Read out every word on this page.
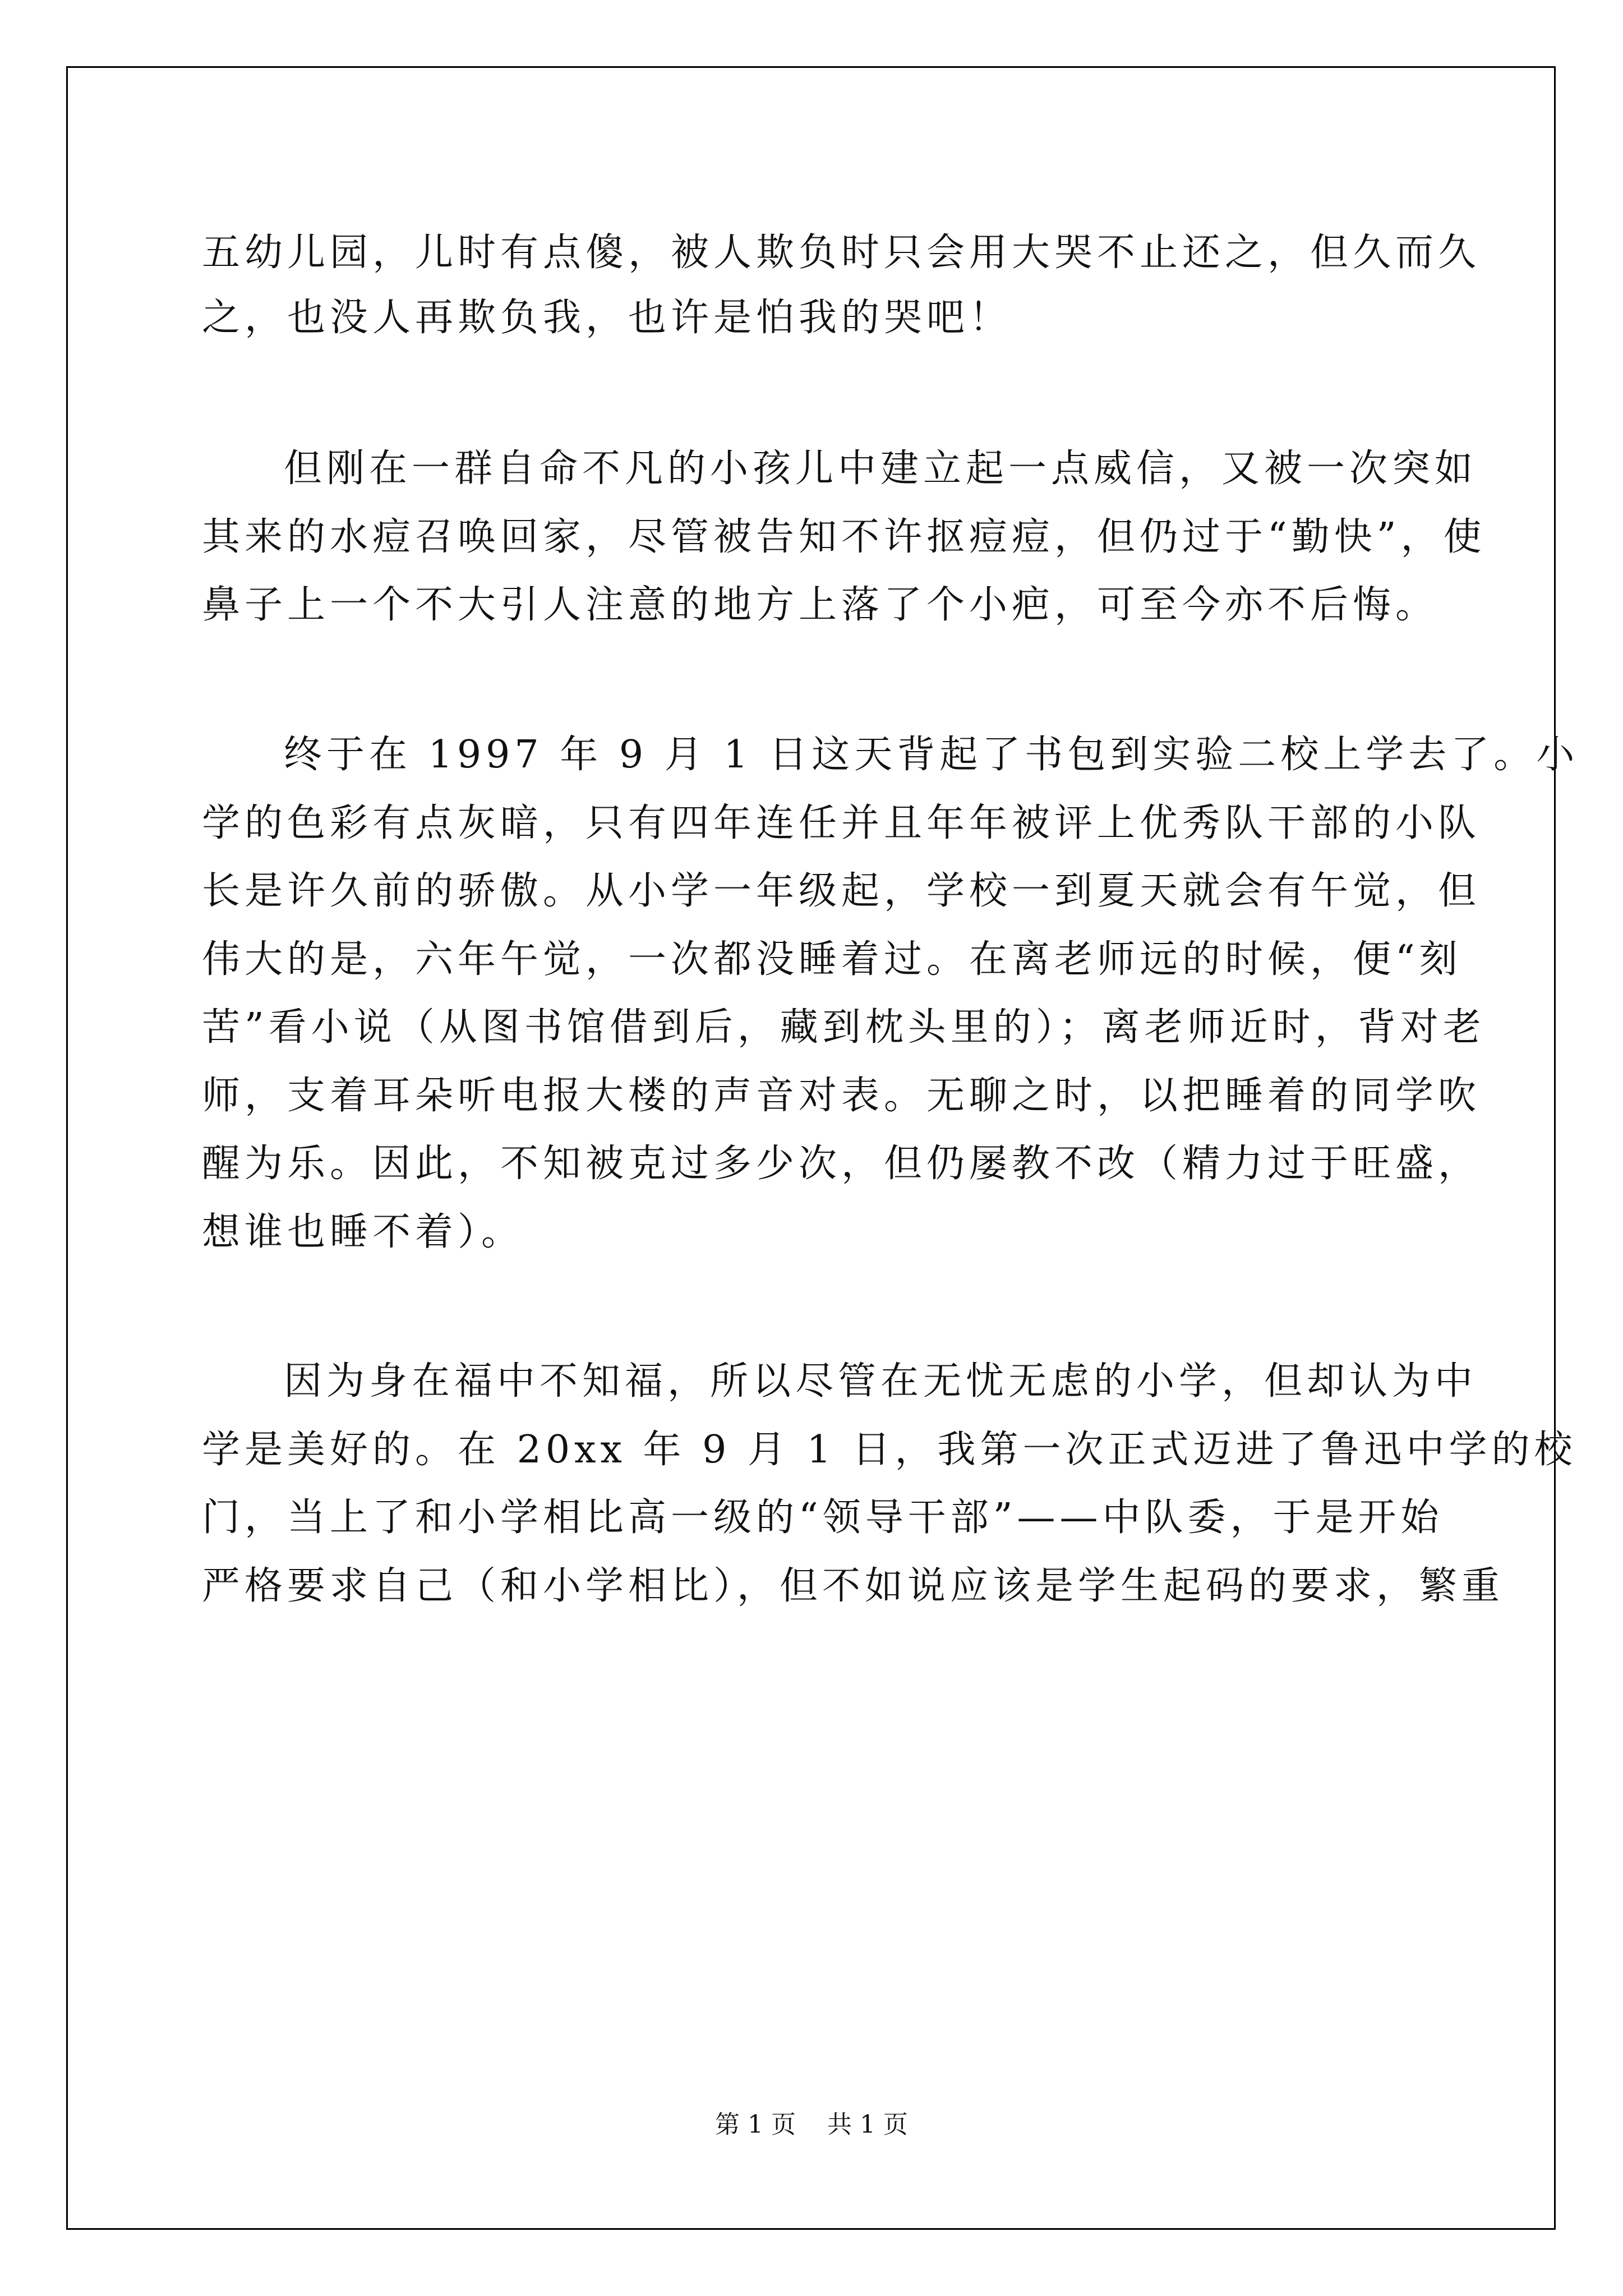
五幼儿园，儿时有点傻，被人欺负时只会用大哭不止还之，但久而久
之，也没人再欺负我，也许是怕我的哭吧！
但刚在一群自命不凡的小孩儿中建立起一点威信，又被一次突如
其来的水痘召唤回家，尽管被告知不许抠痘痘，但仍过于“勤快”，使
鼻子上一个不大引人注意的地方上落了个小疤，可至今亦不后悔。
终于在 1997 年 9 月 1 日这天背起了书包到实验二校上学去了。小
学的色彩有点灰暗，只有四年连任并且年年被评上优秀队干部的小队
长是许久前的骄傲。从小学一年级起，学校一到夏天就会有午觉，但
伟大的是，六年午觉，一次都没睡着过。在离老师远的时候，便“刻
苦”看小说（从图书馆借到后，藏到枕头里的）；离老师近时，背对老
师，支着耳朵听电报大楼的声音对表。无聊之时，以把睡着的同学吹
醒为乐。因此，不知被克过多少次，但仍屡教不改（精力过于旺盛，
想谁也睡不着）。
因为身在福中不知福，所以尽管在无忧无虑的小学，但却认为中
学是美好的。在 20xx 年 9 月 1 日，我第一次正式迈进了鲁迅中学的校
门，当上了和小学相比高一级的“领导干部”——中队委，于是开始
严格要求自己（和小学相比），但不如说应该是学生起码的要求，繁重
第 1 页    共 1 页
